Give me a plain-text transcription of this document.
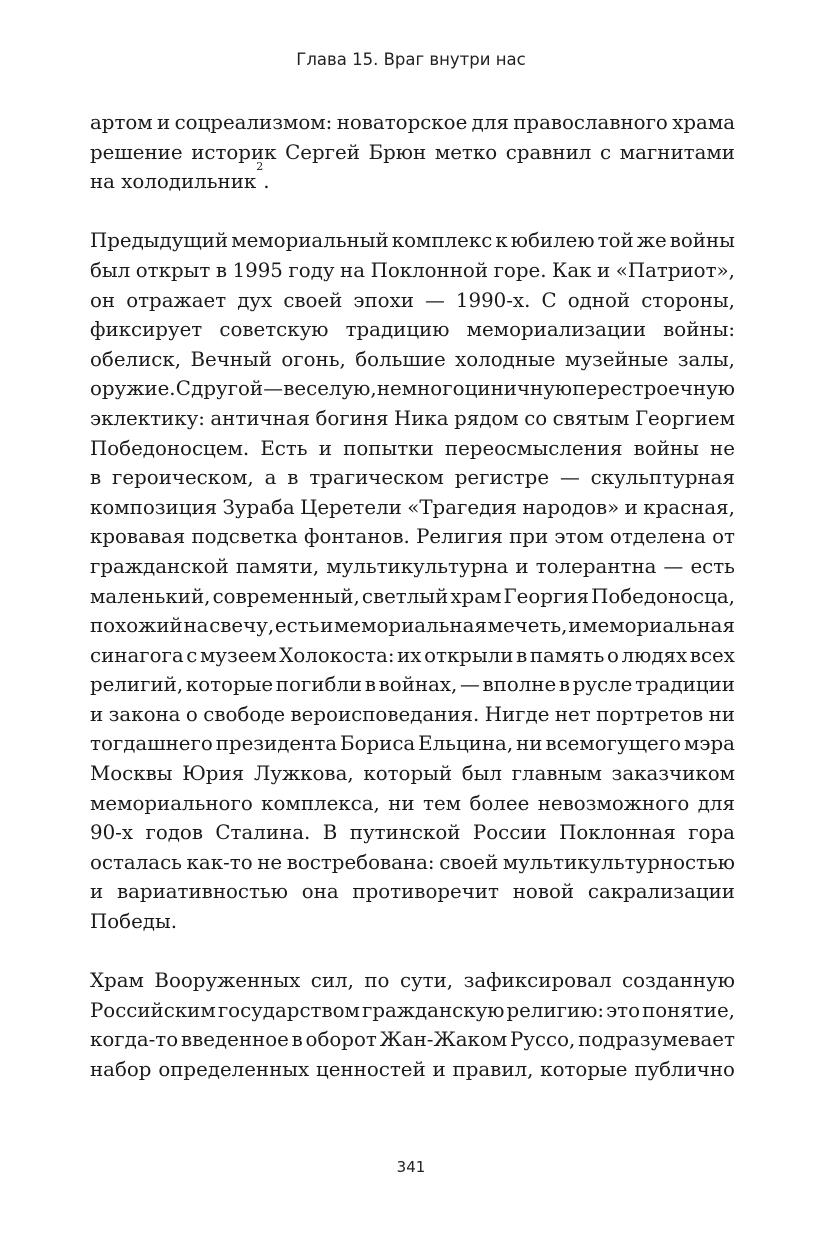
Глава 15. Враг внутри нас
артом и соцреализмом: новаторское для православного храма
решение историк Сергей Брюн метко сравнил с магнитами
на холодильник
2
.
Предыдущий мемориальный комплекс к юбилею той же войны
был открыт в 1995 году на Поклонной горе. Как и «Патриот»,
он отражает дух своей эпохи — 1990-х. С одной стороны,
фиксирует советскую традицию мемориализации войны:
обелиск, Вечный огонь, большие холодные музейные залы,
оружие. С другой — веселую, немного циничную перестроечную
эклектику: античная богиня Ника рядом со святым Георгием
Победоносцем. Есть и попытки переосмысления войны не
в героическом, а в трагическом регистре — скульптурная
композиция Зураба Церетели «Трагедия народов» и красная,
кровавая подсветка фонтанов. Религия при этом отделена от
гражданской памяти, мультикультурна и толерантна — есть
маленький, современный, светлый храм Георгия Победоносца,
похожий на свечу, есть и мемориальная мечеть, и мемориальная
синагога с музеем Холокоста: их открыли в память о людях всех
религий, которые погибли в войнах, — вполне в русле традиции
и закона о свободе вероисповедания. Нигде нет портретов ни
тогдашнего президента Бориса Ельцина, ни всемогущего мэра
Москвы Юрия Лужкова, который был главным заказчиком
мемориального комплекса, ни тем более невозможного для
90-х годов Сталина. В путинской России Поклонная гора
осталась как-то не востребована: своей мультикультурностью
и вариативностью она противоречит новой сакрализации
Победы.
Храм Вооруженных сил, по сути, зафиксировал созданную
Российским государством гражданскую религию: это понятие,
когда-то введенное в оборот Жан-Жаком Руссо, подразумевает
набор определенных ценностей и правил, которые публично
341
